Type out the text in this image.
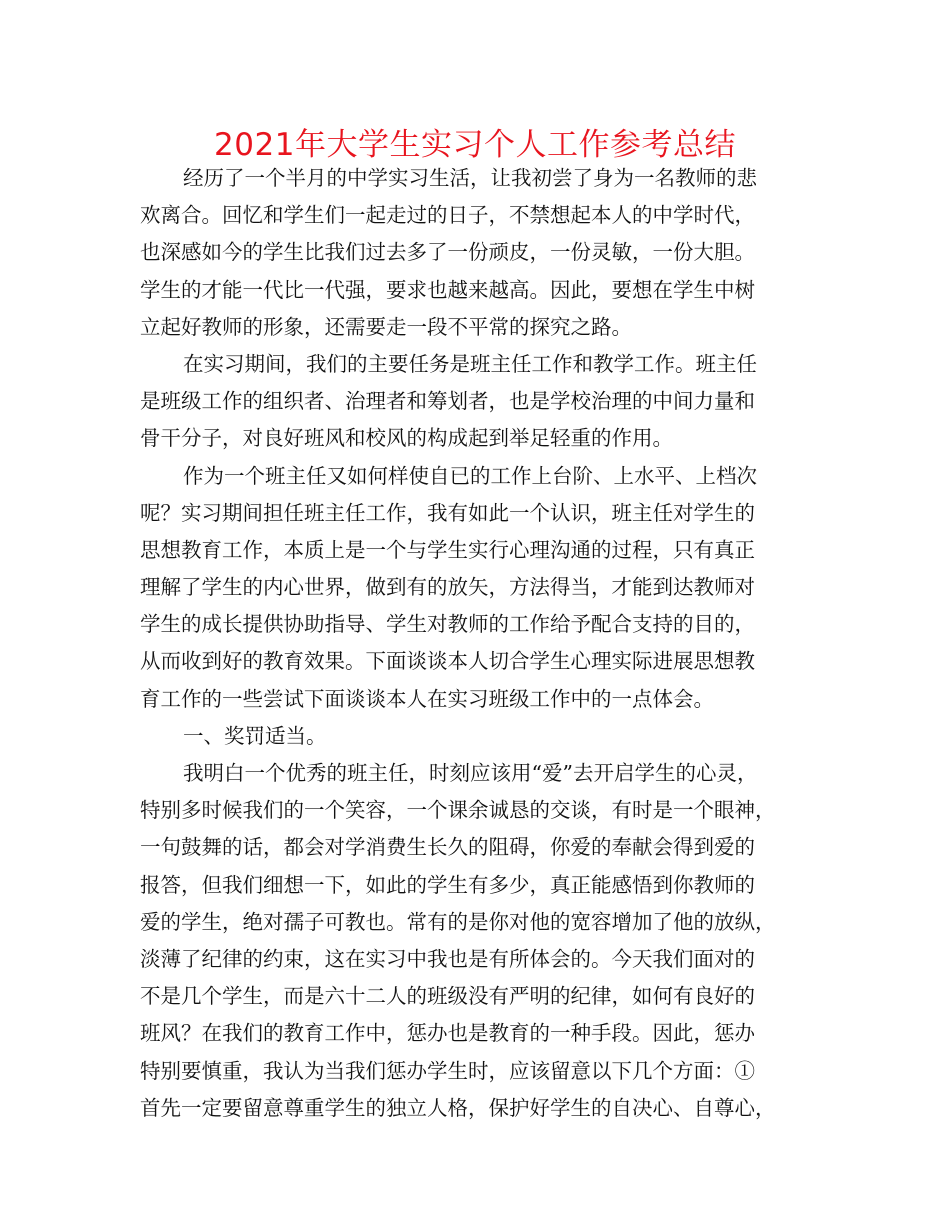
2021年大学生实习个人工作参考总结
经历了一个半月的中学实习生活，让我初尝了身为一名教师的悲
欢离合。回忆和学生们一起走过的日子，不禁想起本人的中学时代，
也深感如今的学生比我们过去多了一份顽皮，一份灵敏，一份大胆。
学生的才能一代比一代强，要求也越来越高。因此，要想在学生中树
立起好教师的形象，还需要走一段不平常的探究之路。
在实习期间，我们的主要任务是班主任工作和教学工作。班主任
是班级工作的组织者、治理者和筹划者，也是学校治理的中间力量和
骨干分子，对良好班风和校风的构成起到举足轻重的作用。
作为一个班主任又如何样使自已的工作上台阶、上水平、上档次
呢？实习期间担任班主任工作，我有如此一个认识，班主任对学生的
思想教育工作，本质上是一个与学生实行心理沟通的过程，只有真正
理解了学生的内心世界，做到有的放矢，方法得当，才能到达教师对
学生的成长提供协助指导、学生对教师的工作给予配合支持的目的，
从而收到好的教育效果。下面谈谈本人切合学生心理实际进展思想教
育工作的一些尝试下面谈谈本人在实习班级工作中的一点体会。
一、奖罚适当。
我明白一个优秀的班主任，时刻应该用“爱”去开启学生的心灵，
特别多时候我们的一个笑容，一个课余诚恳的交谈，有时是一个眼神，
一句鼓舞的话，都会对学消费生长久的阻碍，你爱的奉献会得到爱的
报答，但我们细想一下，如此的学生有多少，真正能感悟到你教师的
爱的学生，绝对孺子可教也。常有的是你对他的宽容增加了他的放纵，
淡薄了纪律的约束，这在实习中我也是有所体会的。今天我们面对的
不是几个学生，而是六十二人的班级没有严明的纪律，如何有良好的
班风？在我们的教育工作中，惩办也是教育的一种手段。因此，惩办
特别要慎重，我认为当我们惩办学生时，应该留意以下几个方面：①
首先一定要留意尊重学生的独立人格，保护好学生的自决心、自尊心，
